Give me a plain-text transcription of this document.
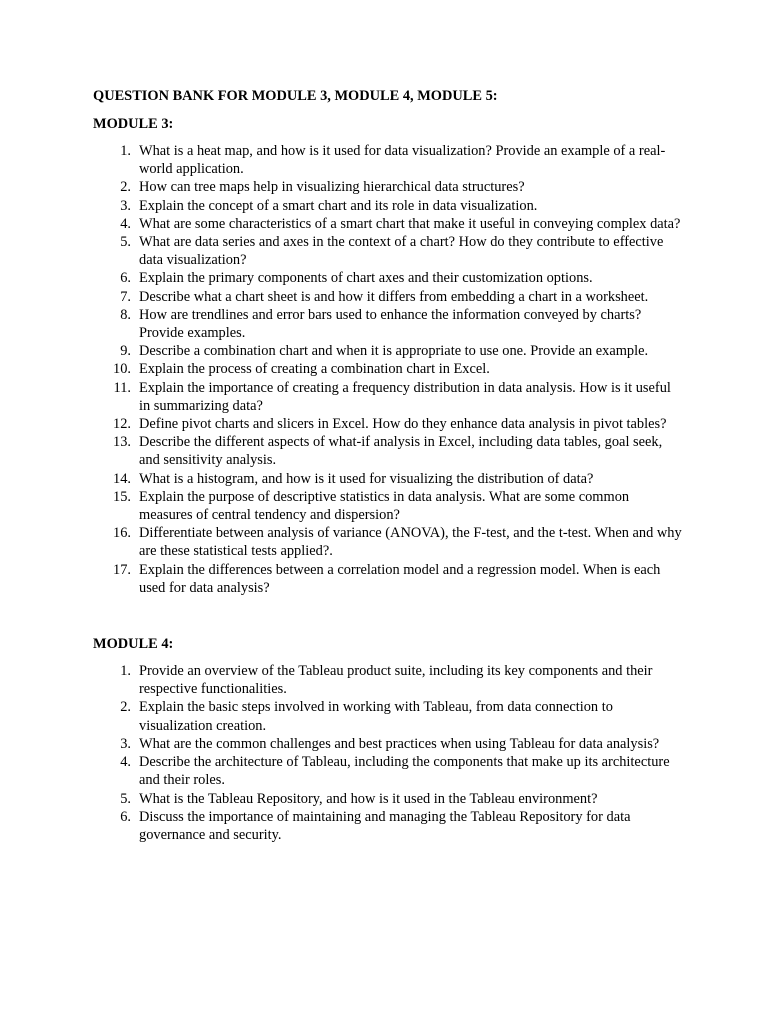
QUESTION BANK FOR MODULE 3, MODULE 4, MODULE 5:

MODULE 3:

1. What is a heat map, and how is it used for data visualization? Provide an example of a real-world application.
2. How can tree maps help in visualizing hierarchical data structures?
3. Explain the concept of a smart chart and its role in data visualization.
4. What are some characteristics of a smart chart that make it useful in conveying complex data?
5. What are data series and axes in the context of a chart? How do they contribute to effective data visualization?
6. Explain the primary components of chart axes and their customization options.
7. Describe what a chart sheet is and how it differs from embedding a chart in a worksheet.
8. How are trendlines and error bars used to enhance the information conveyed by charts? Provide examples.
9. Describe a combination chart and when it is appropriate to use one. Provide an example.
10. Explain the process of creating a combination chart in Excel.
11. Explain the importance of creating a frequency distribution in data analysis. How is it useful in summarizing data?
12. Define pivot charts and slicers in Excel. How do they enhance data analysis in pivot tables?
13. Describe the different aspects of what-if analysis in Excel, including data tables, goal seek, and sensitivity analysis.
14. What is a histogram, and how is it used for visualizing the distribution of data?
15. Explain the purpose of descriptive statistics in data analysis. What are some common measures of central tendency and dispersion?
16. Differentiate between analysis of variance (ANOVA), the F-test, and the t-test. When and why are these statistical tests applied?.
17. Explain the differences between a correlation model and a regression model. When is each used for data analysis?

MODULE 4:

1. Provide an overview of the Tableau product suite, including its key components and their respective functionalities.
2. Explain the basic steps involved in working with Tableau, from data connection to visualization creation.
3. What are the common challenges and best practices when using Tableau for data analysis?
4. Describe the architecture of Tableau, including the components that make up its architecture and their roles.
5. What is the Tableau Repository, and how is it used in the Tableau environment?
6. Discuss the importance of maintaining and managing the Tableau Repository for data governance and security.
